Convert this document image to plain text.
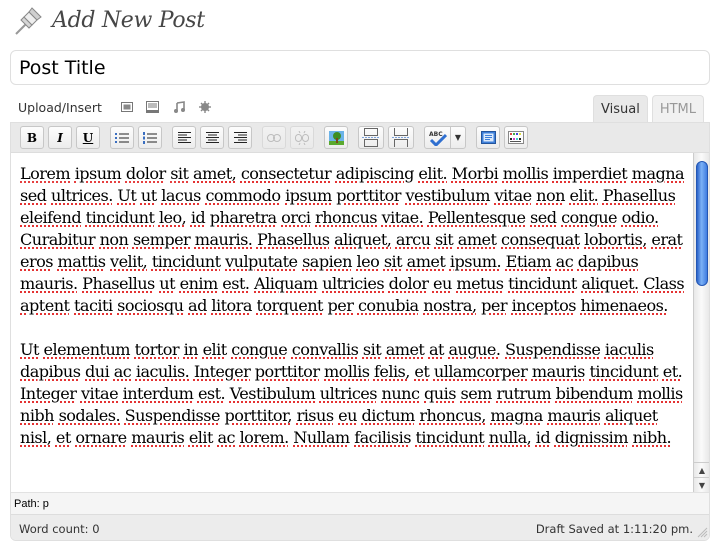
Add New Post
Post Title
Upload/Insert	Visual	HTML
B I U	ABC	▼

Lorem ipsum dolor sit amet, consectetur adipiscing elit. Morbi mollis imperdiet magna sed ultrices. Ut ut lacus commodo ipsum porttitor vestibulum vitae non elit. Phasellus eleifend tincidunt leo, id pharetra orci rhoncus vitae. Pellentesque sed congue odio. Curabitur non semper mauris. Phasellus aliquet, arcu sit amet consequat lobortis, erat eros mattis velit, tincidunt vulputate sapien leo sit amet ipsum. Etiam ac dapibus mauris. Phasellus ut enim est. Aliquam ultricies dolor eu metus tincidunt aliquet. Class aptent taciti sociosqu ad litora torquent per conubia nostra, per inceptos himenaeos.

Ut elementum tortor in elit congue convallis sit amet at augue. Suspendisse iaculis dapibus dui ac iaculis. Integer porttitor mollis felis, et ullamcorper mauris tincidunt et. Integer vitae interdum est. Vestibulum ultrices nunc quis sem rutrum bibendum mollis nibh sodales. Suspendisse porttitor, risus eu dictum rhoncus, magna mauris aliquet nisl, et ornare mauris elit ac lorem. Nullam facilisis tincidunt nulla, id dignissim nibh.

▲
▼
Path: p
Word count: 0	Draft Saved at 1:11:20 pm.
